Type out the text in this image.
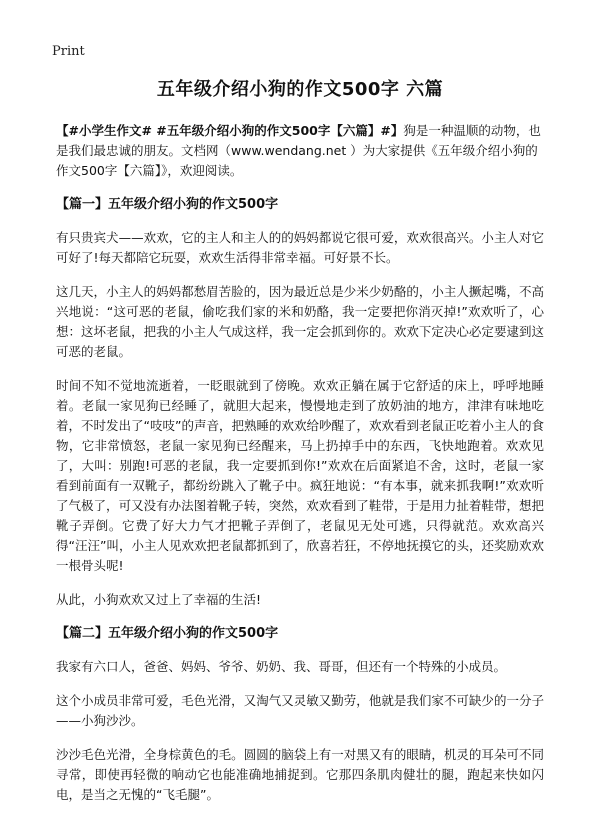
Print
五年级介绍小狗的作文500字 六篇

【#小学生作文# #五年级介绍小狗的作文500字【六篇】#】狗是一种温顺的动物，也是我们最忠诚的朋友。文档网（www.wendang.net ）为大家提供《五年级介绍小狗的作文500字【六篇】》，欢迎阅读。

【篇一】五年级介绍小狗的作文500字

有只贵宾犬——欢欢，它的主人和主人的的妈妈都说它很可爱，欢欢很高兴。小主人对它可好了!每天都陪它玩耍，欢欢生活得非常幸福。可好景不长。

这几天，小主人的妈妈都愁眉苦脸的，因为最近总是少米少奶酪的，小主人撅起嘴，不高兴地说：“这可恶的老鼠，偷吃我们家的米和奶酪，我一定要把你消灭掉!”欢欢听了，心想：这坏老鼠，把我的小主人气成这样，我一定会抓到你的。欢欢下定决心必定要逮到这可恶的老鼠。

时间不知不觉地流逝着，一眨眼就到了傍晚。欢欢正躺在属于它舒适的床上，呼呼地睡着。老鼠一家见狗已经睡了，就胆大起来，慢慢地走到了放奶油的地方，津津有味地吃着，不时发出了“吱吱”的声音，把熟睡的欢欢给吵醒了，欢欢看到老鼠正吃着小主人的食物，它非常愤怒，老鼠一家见狗已经醒来，马上扔掉手中的东西，飞快地跑着。欢欢见了，大叫：别跑!可恶的老鼠，我一定要抓到你!”欢欢在后面紧追不舍，这时，老鼠一家看到前面有一双靴子，都纷纷跳入了靴子中。疯狂地说：“有本事，就来抓我啊!”欢欢听了气极了，可又没有办法图着靴子转，突然，欢欢看到了鞋带，于是用力扯着鞋带，想把靴子弄倒。它费了好大力气才把靴子弄倒了，老鼠见无处可逃，只得就范。欢欢高兴得“汪汪”叫，小主人见欢欢把老鼠都抓到了，欣喜若狂，不停地抚摸它的头，还奖励欢欢一根骨头呢!

从此，小狗欢欢又过上了幸福的生活!

【篇二】五年级介绍小狗的作文500字

我家有六口人，爸爸、妈妈、爷爷、奶奶、我、哥哥，但还有一个特殊的小成员。

这个小成员非常可爱，毛色光滑，又淘气又灵敏又勤劳，他就是我们家不可缺少的一分子——小狗沙沙。

沙沙毛色光滑，全身棕黄色的毛。圆圆的脑袋上有一对黑又有的眼睛，机灵的耳朵可不同寻常，即使再轻微的响动它也能准确地捕捉到。它那四条肌肉健壮的腿，跑起来快如闪电，是当之无愧的“飞毛腿”。
